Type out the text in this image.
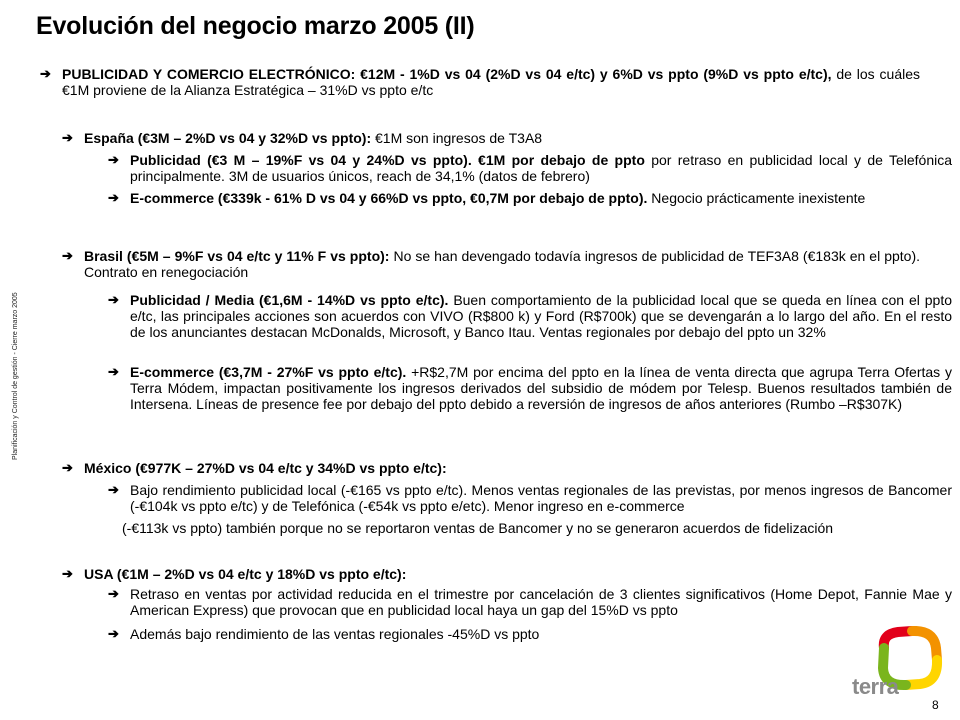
Evolución del negocio marzo 2005 (II)
Planificación y Control de gestión - Cierre marzo 2005
➔ PUBLICIDAD Y COMERCIO ELECTRÓNICO: €12M - 1%D vs 04 (2%D vs 04 e/tc) y 6%D vs ppto (9%D vs ppto e/tc), de los cuáles €1M proviene de la Alianza Estratégica – 31%D vs ppto e/tc
➔ España (€3M – 2%D vs 04 y 32%D vs ppto): €1M son ingresos de T3A8
➔ Publicidad (€3 M – 19%F vs 04 y 24%D vs ppto). €1M por debajo de ppto por retraso en publicidad local y de Telefónica principalmente. 3M de usuarios únicos, reach de 34,1% (datos de febrero)
➔ E-commerce (€339k - 61% D vs 04 y 66%D vs ppto, €0,7M por debajo de ppto). Negocio prácticamente inexistente
➔ Brasil (€5M – 9%F vs 04 e/tc y 11% F vs ppto): No se han devengado todavía ingresos de publicidad de TEF3A8 (€183k en el ppto). Contrato en renegociación
➔ Publicidad / Media (€1,6M - 14%D vs ppto e/tc). Buen comportamiento de la publicidad local que se queda en línea con el ppto e/tc, las principales acciones son acuerdos con VIVO (R$800 k) y Ford (R$700k) que se devengarán a lo largo del año. En el resto de los anunciantes destacan McDonalds, Microsoft, y Banco Itau. Ventas regionales por debajo del ppto un 32%
➔ E-commerce (€3,7M - 27%F vs ppto e/tc). +R$2,7M por encima del ppto en la línea de venta directa que agrupa Terra Ofertas y Terra Módem, impactan positivamente los ingresos derivados del subsidio de módem por Telesp. Buenos resultados también de Intersena. Líneas de presence fee por debajo del ppto debido a reversión de ingresos de años anteriores (Rumbo –R$307K)
➔ México (€977K – 27%D vs 04 e/tc y 34%D vs ppto e/tc):
➔ Bajo rendimiento publicidad local (-€165 vs ppto e/tc). Menos ventas regionales de las previstas, por menos ingresos de Bancomer (-€104k vs ppto e/tc) y de Telefónica (-€54k vs ppto e/etc). Menor ingreso en e-commerce
(-€113k vs ppto) también porque no se reportaron ventas de Bancomer y no se generaron acuerdos de fidelización
➔ USA (€1M – 2%D vs 04 e/tc y 18%D vs ppto e/tc):
➔ Retraso en ventas por actividad reducida en el trimestre por cancelación de 3 clientes significativos (Home Depot, Fannie Mae y American Express) que provocan que en publicidad local haya un gap del 15%D vs ppto
➔ Además bajo rendimiento de las ventas regionales -45%D vs ppto
terra
8
